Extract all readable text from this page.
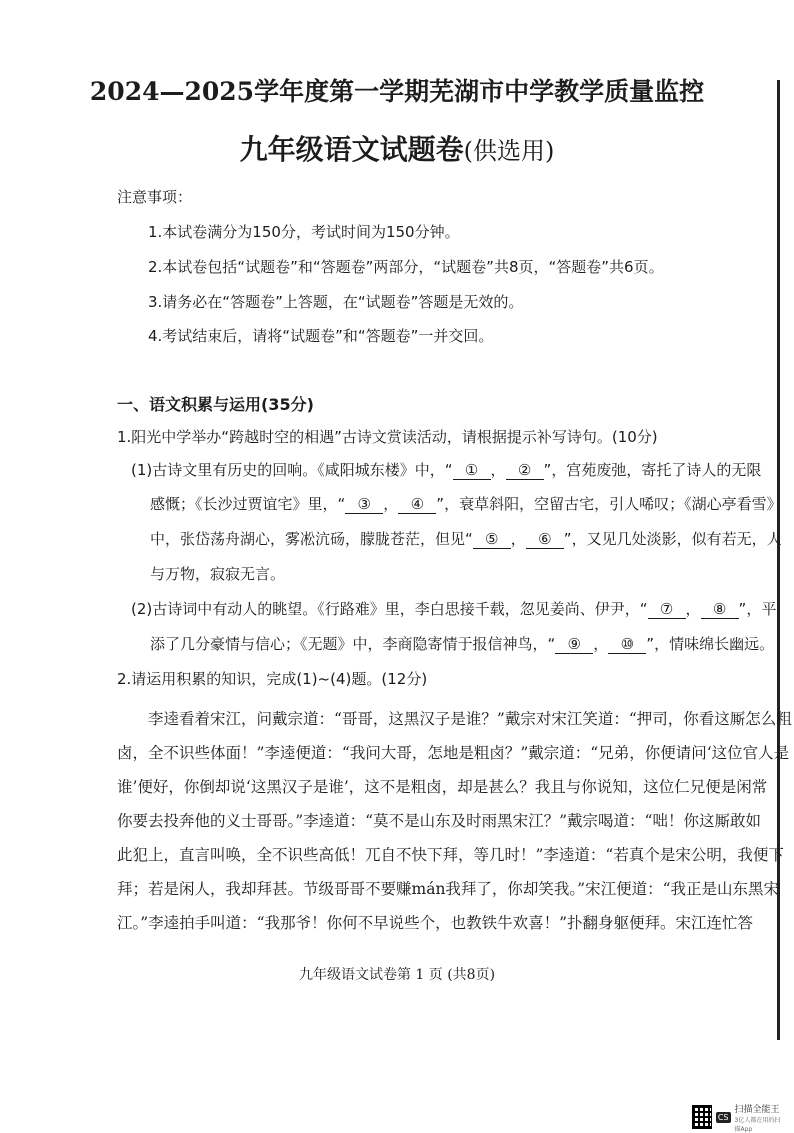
2024—2025学年度第一学期芜湖市中学教学质量监控
九年级语文试题卷(供选用)
注意事项：
1.本试卷满分为150分，考试时间为150分钟。
2.本试卷包括“试题卷”和“答题卷”两部分，“试题卷”共8页，“答题卷”共6页。
3.请务必在“答题卷”上答题，在“试题卷”答题是无效的。
4.考试结束后，请将“试题卷”和“答题卷”一并交回。
一、语文积累与运用(35分)
1.阳光中学举办“跨越时空的相遇”古诗文赏读活动，请根据提示补写诗句。(10分)
(1)古诗文里有历史的回响。《咸阳城东楼》中，“ ① ， ② ”，宫苑废弛，寄托了诗人的无限
感慨；《长沙过贾谊宅》里，“ ③ ， ④ ”，衰草斜阳，空留古宅，引人唏叹；《湖心亭看雪》
中，张岱荡舟湖心，雾凇沆砀，朦胧苍茫，但见“ ⑤ ， ⑥ ”，又见几处淡影，似有若无，人
与万物，寂寂无言。
(2)古诗词中有动人的眺望。《行路难》里，李白思接千载，忽见姜尚、伊尹，“ ⑦ ， ⑧ ”，平
添了几分豪情与信心；《无题》中，李商隐寄情于报信神鸟，“ ⑨ ， ⑩ ”，情味绵长幽远。
2.请运用积累的知识，完成(1)~(4)题。(12分)
李逵看着宋江，问戴宗道：“哥哥，这黑汉子是谁？”戴宗对宋江笑道：“押司，你看这厮怎么粗
卤，全不识些体面！”李逵便道：“我问大哥，怎地是粗卤？”戴宗道：“兄弟，你便请问‘这位官人是
谁’便好，你倒却说‘这黑汉子是谁’，这不是粗卤，却是甚么？我且与你说知，这位仁兄便是闲常
你要去投奔他的义士哥哥。”李逵道：“莫不是山东及时雨黑宋江？”戴宗喝道：“咄！你这厮敢如
此犯上，直言叫唤，全不识些高低！兀自不快下拜，等几时！”李逵道：“若真个是宋公明，我便下
拜；若是闲人，我却拜甚。节级哥哥不要赚mán我拜了，你却笑我。”宋江便道：“我正是山东黑宋
江。”李逵拍手叫道：“我那爷！你何不早说些个，也教铁牛欢喜！”扑翻身躯便拜。宋江连忙答
九年级语文试卷第 1 页 (共8页)
CS
扫描全能王
3亿人都在用的扫描App
